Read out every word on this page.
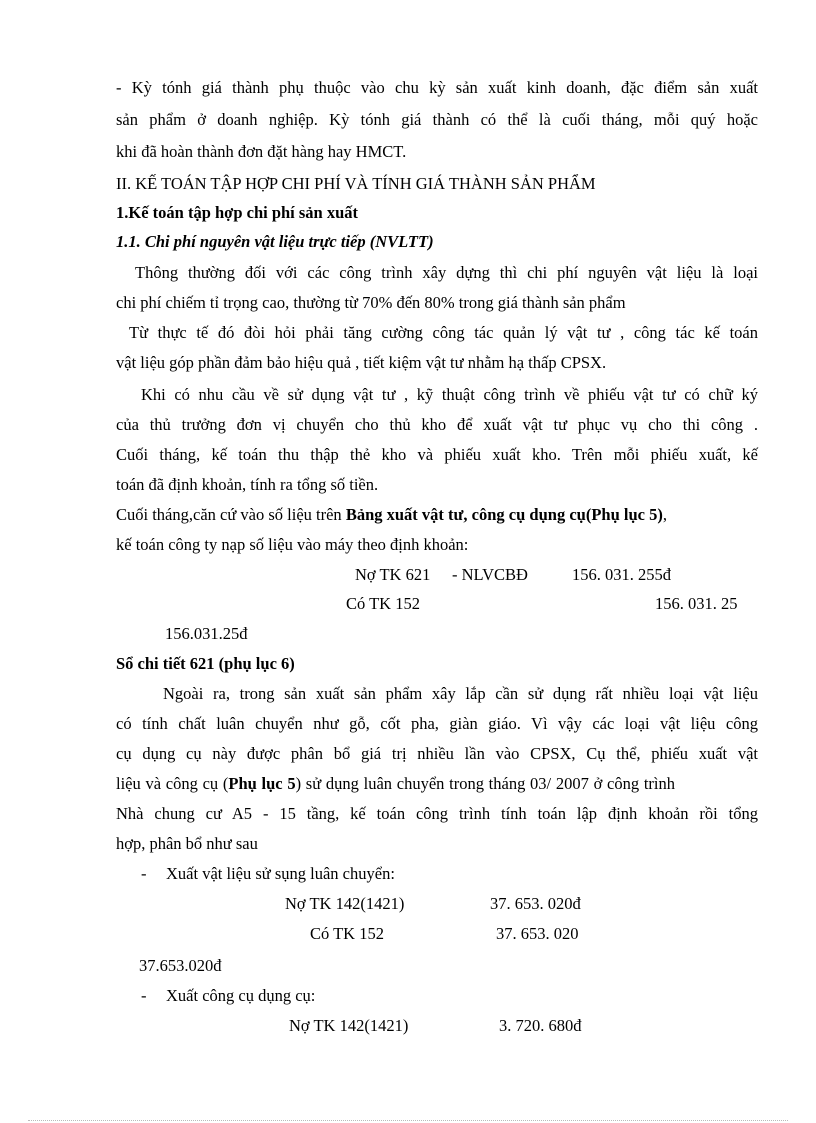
- Kỳ tónh giá thành phụ thuộc vào chu kỳ sản xuất kinh doanh, đặc điểm sản xuất
sản phẩm ở doanh nghiệp. Kỳ tónh giá thành có thể là cuối tháng, mỗi quý hoặc
khi đã hoàn thành đơn đặt hàng hay HMCT.
II. KẾ TOÁN TẬP HỢP CHI PHÍ VÀ TÍNH GIÁ THÀNH SẢN PHẨM
1.Kế toán tập hợp chi phí sản xuất
1.1. Chi phí nguyên vật liệu trực tiếp (NVLTT)
Thông thường đối với các công trình xây dựng thì chi phí nguyên vật liệu là loại
chi phí chiếm tỉ trọng cao, thường từ 70% đến 80% trong giá thành sản phẩm
Từ thực tế đó đòi hỏi phải tăng cường công tác quản lý vật tư , công tác kế toán
vật liệu góp phần đảm bảo hiệu quả , tiết kiệm vật tư nhằm hạ thấp CPSX.
Khi có nhu cầu về sử dụng vật tư , kỹ thuật công trình về phiếu vật tư có chữ ký
của thủ trưởng đơn vị chuyển cho thủ kho để xuất vật tư phục vụ cho thi công .
Cuối tháng, kế toán thu thập thẻ kho và phiếu xuất kho. Trên mỗi phiếu xuất, kế
toán đã định khoản, tính ra tổng số tiền.
Cuối tháng,căn cứ vào số liệu trên Bảng xuất vật tư, công cụ dụng cụ(Phụ lục 5),
kế toán công ty nạp số liệu vào máy theo định khoản:
Nợ TK 621 - NLVCBĐ	156. 031. 255đ
Có TK 152	156. 031. 25
156.031.25đ
Sổ chi tiết 621 (phụ lục 6)
Ngoài ra, trong sản xuất sản phẩm xây lắp cần sử dụng rất nhiều loại vật liệu
có tính chất luân chuyển như gỗ, cốt pha, giàn giáo. Vì vậy các loại vật liệu công
cụ dụng cụ này được phân bổ giá trị nhiều lần vào CPSX, Cụ thể, phiếu xuất vật
liệu và công cụ (Phụ lục 5) sử dụng luân chuyển trong tháng 03/ 2007 ở công trình
Nhà chung cư A5 - 15 tầng, kế toán công trình tính toán lập định khoản rồi tổng
hợp, phân bổ như sau
- Xuất vật liệu sử sụng luân chuyển:
Nợ TK 142(1421)	37. 653. 020đ
Có TK 152	37. 653. 020
37.653.020đ
- Xuất công cụ dụng cụ:
Nợ TK 142(1421)	3. 720. 680đ
